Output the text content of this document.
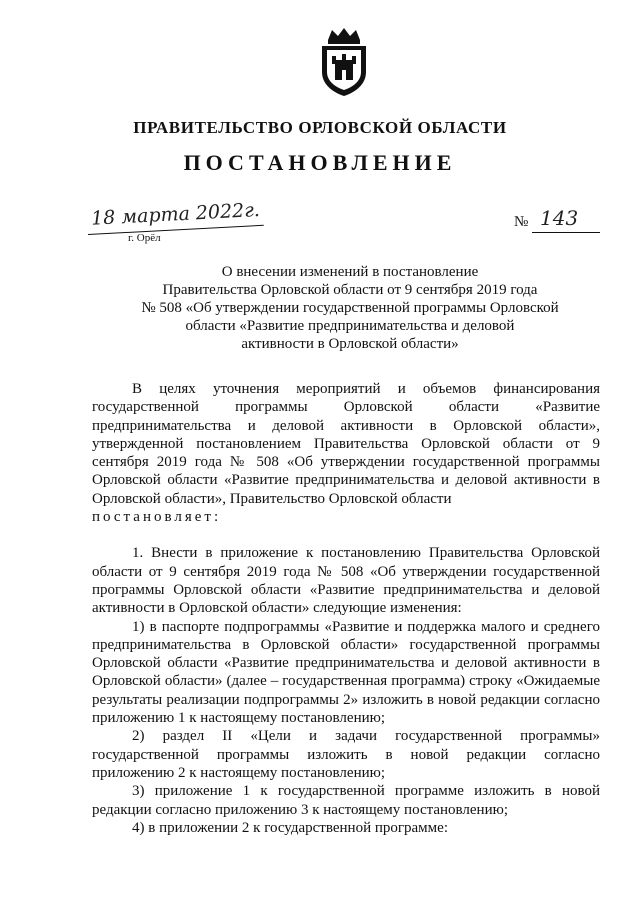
ПРАВИТЕЛЬСТВО ОРЛОВСКОЙ ОБЛАСТИ
ПОСТАНОВЛЕНИЕ
18 марта 2022г.
г. Орёл
№ 143
О внесении изменений в постановление
Правительства Орловской области от 9 сентября 2019 года
№ 508 «Об утверждении государственной программы Орловской
области «Развитие предпринимательства и деловой
активности в Орловской области»

В целях уточнения мероприятий и объемов финансирования государственной программы Орловской области «Развитие предпринимательства и деловой активности в Орловской области», утвержденной постановлением Правительства Орловской области от 9 сентября 2019 года № 508 «Об утверждении государственной программы Орловской области «Развитие предпринимательства и деловой активности в Орловской области», Правительство Орловской области

постановляет:

1. Внести в приложение к постановлению Правительства Орловской области от 9 сентября 2019 года № 508 «Об утверждении государственной программы Орловской области «Развитие предпринимательства и деловой активности в Орловской области» следующие изменения:

1) в паспорте подпрограммы «Развитие и поддержка малого и среднего предпринимательства в Орловской области» государственной программы Орловской области «Развитие предпринимательства и деловой активности в Орловской области» (далее – государственная программа) строку «Ожидаемые результаты реализации подпрограммы 2» изложить в новой редакции согласно приложению 1 к настоящему постановлению;

2) раздел II «Цели и задачи государственной программы» государственной программы изложить в новой редакции согласно приложению 2 к настоящему постановлению;

3) приложение 1 к государственной программе изложить в новой редакции согласно приложению 3 к настоящему постановлению;

4) в приложении 2 к государственной программе:
